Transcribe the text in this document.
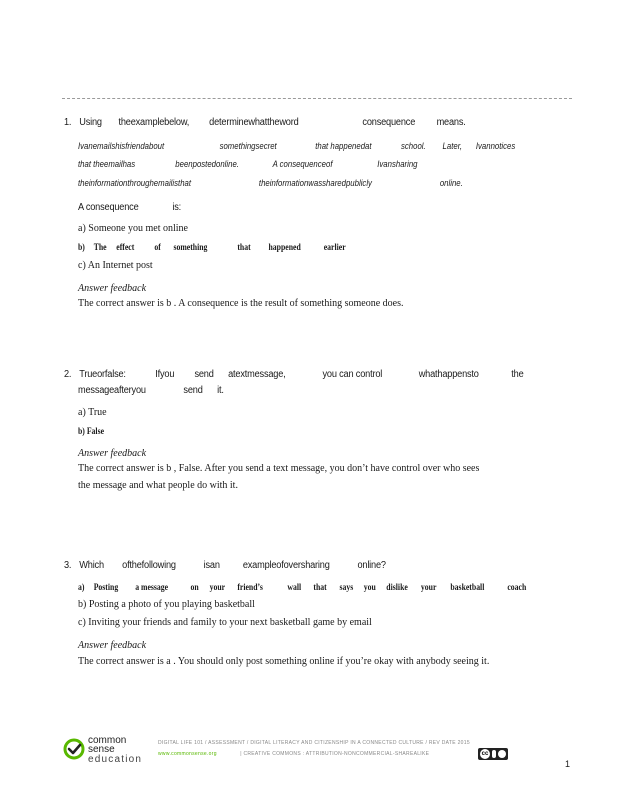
1. Using theexamplebelow, determinewhattheword	consequence means.
Ivanemailshisfriendabout	somethingsecret	that happenedat	school. Later, Ivannotices
that theemailhas	beenpostedonline.	A consequenceof	Ivansharing
theinformationthroughemailisthat	theinformationwassharedpublicly	online.
A consequence	is:
a) Someone you met online
b) The effect of something	that happened	earlier
c) An Internet post
Answer feedback
The correct answer is b . A consequence is the result of something someone does.
2. Trueorfalse:	Ifyou send atextmessage,	you can control	whathappensto	the
messageafteryou	send it.
a) True
b) False
Answer feedback
The correct answer is b , False. After you send a text message, you don’t have control over who sees
the message and what people do with it.
3. Which ofthefollowing	isan exampleofoversharing	online?
a) Posting a message on your friend’s	wall that says you dislike your basketball	coach
b) Posting a photo of you playing basketball
c) Inviting your friends and family to your next basketball game by email
Answer feedback
The correct answer is a . You should only post something online if you’re okay with anybody seeing it.
common
sense
education
DIGITAL LIFE 101 / ASSESSMENT / DIGITAL LITERACY AND CITIZENSHIP IN A CONNECTED CULTURE / REV DATE 2015
www.commonsense.org	| CREATIVE COMMONS : ATTRIBUTION-NONCOMMERCIAL-SHAREALIKE	cc
1
